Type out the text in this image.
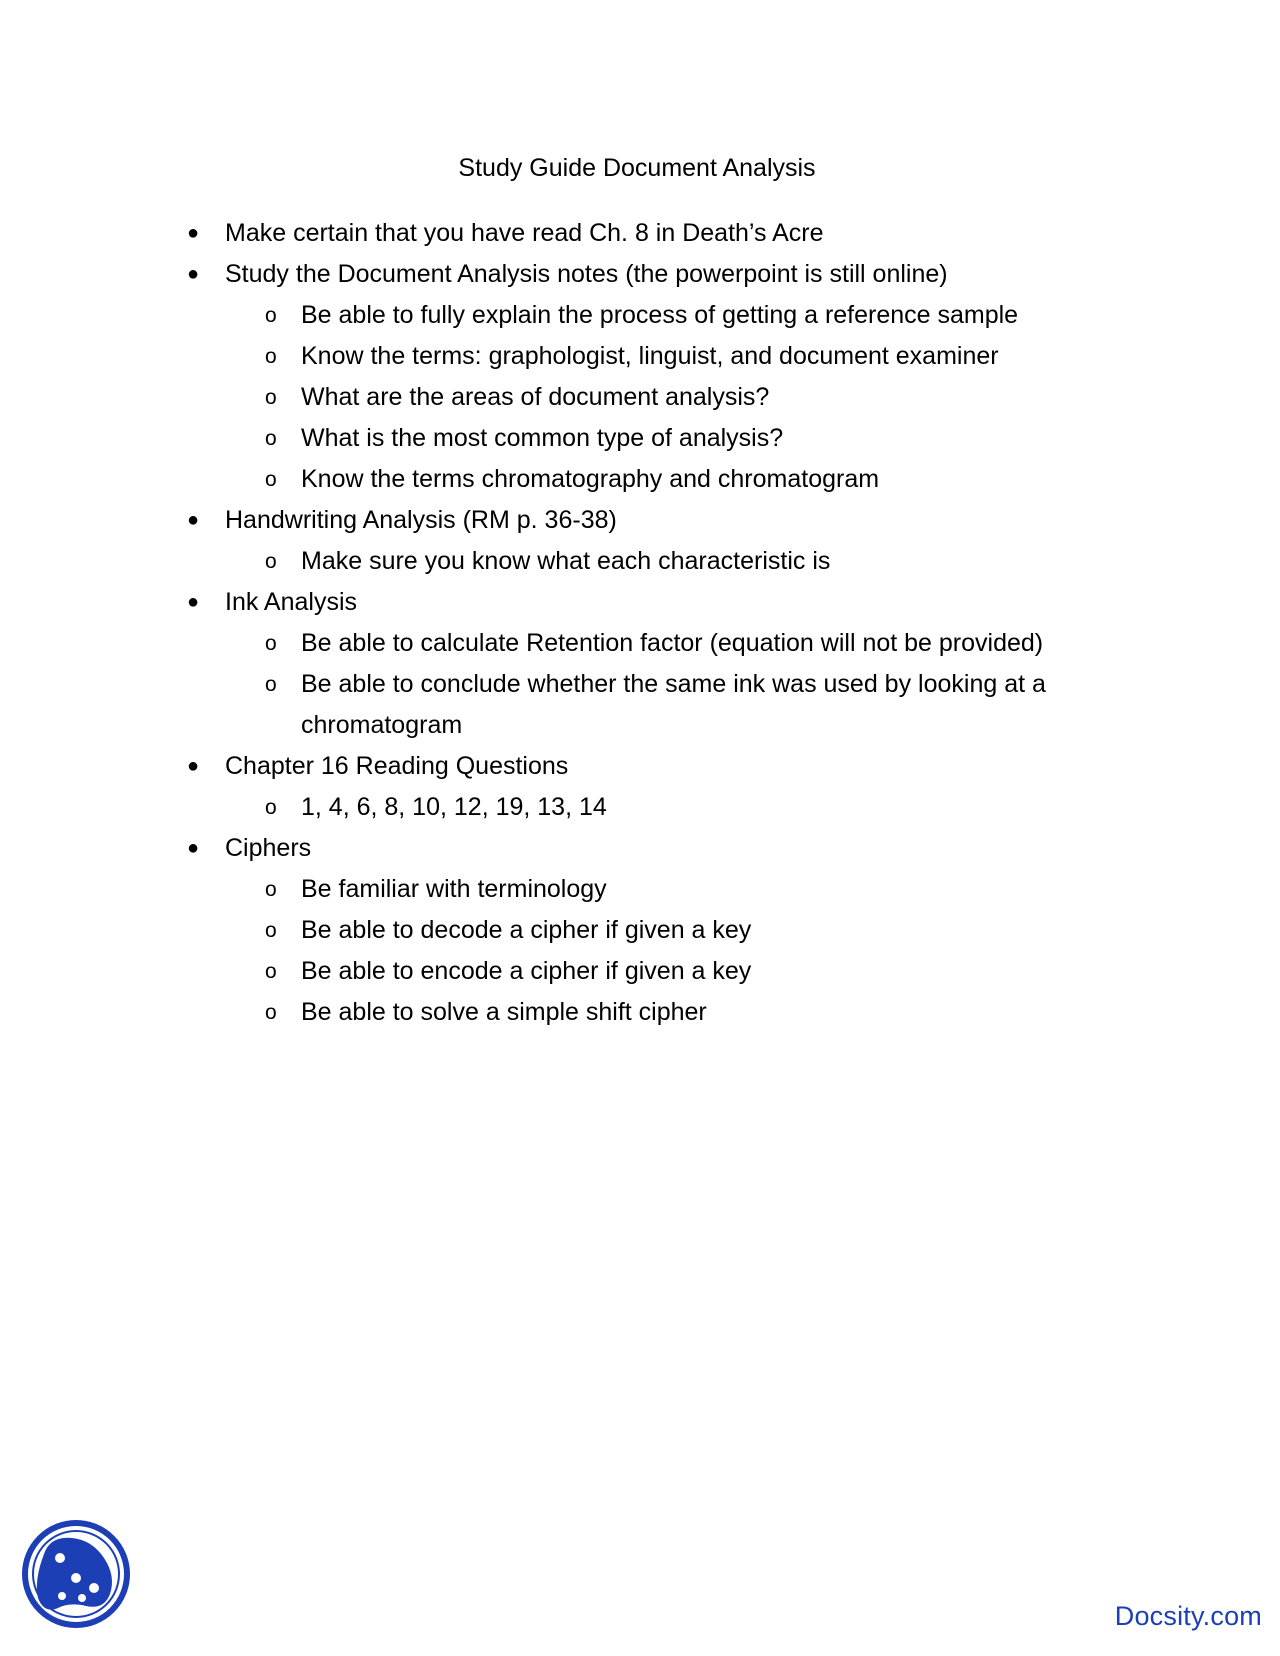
Study Guide Document Analysis
● Make certain that you have read Ch. 8 in Death’s Acre
● Study the Document Analysis notes (the powerpoint is still online)
o Be able to fully explain the process of getting a reference sample
o Know the terms: graphologist, linguist, and document examiner
o What are the areas of document analysis?
o What is the most common type of analysis?
o Know the terms chromatography and chromatogram
● Handwriting Analysis (RM p. 36-38)
o Make sure you know what each characteristic is
● Ink Analysis
o Be able to calculate Retention factor (equation will not be provided)
o Be able to conclude whether the same ink was used by looking at a chromatogram
● Chapter 16 Reading Questions
o 1, 4, 6, 8, 10, 12, 19, 13, 14
● Ciphers
o Be familiar with terminology
o Be able to decode a cipher if given a key
o Be able to encode a cipher if given a key
o Be able to solve a simple shift cipher
Docsity.com
